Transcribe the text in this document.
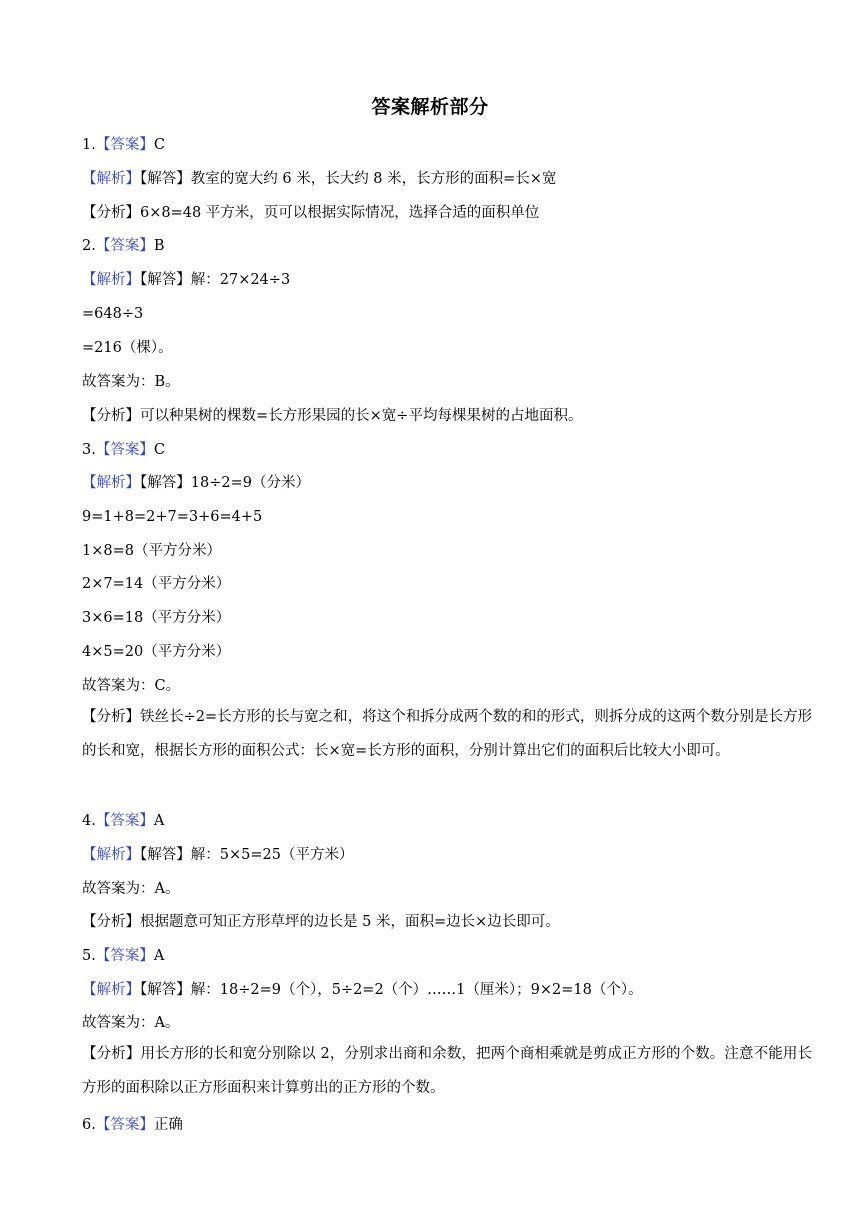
答案解析部分
1.【答案】C
【解析】【解答】教室的宽大约 6 米，长大约 8 米，长方形的面积=长×宽
【分析】6×8=48 平方米，页可以根据实际情况，选择合适的面积单位
2.【答案】B
【解析】【解答】解：27×24÷3
=648÷3
=216（棵）。
故答案为：B。
【分析】可以种果树的棵数=长方形果园的长×宽÷平均每棵果树的占地面积。
3.【答案】C
【解析】【解答】18÷2=9（分米）
9=1+8=2+7=3+6=4+5
1×8=8（平方分米）
2×7=14（平方分米）
3×6=18（平方分米）
4×5=20（平方分米）
故答案为：C。
【分析】铁丝长÷2=长方形的长与宽之和，将这个和拆分成两个数的和的形式，则拆分成的这两个数分别是长方形的长和宽，根据长方形的面积公式：长×宽=长方形的面积，分别计算出它们的面积后比较大小即可。
4.【答案】A
【解析】【解答】解：5×5=25（平方米）
故答案为：A。
【分析】根据题意可知正方形草坪的边长是 5 米，面积=边长×边长即可。
5.【答案】A
【解析】【解答】解：18÷2=9（个），5÷2=2（个）……1（厘米）；9×2=18（个）。
故答案为：A。
【分析】用长方形的长和宽分别除以 2，分别求出商和余数，把两个商相乘就是剪成正方形的个数。注意不能用长方形的面积除以正方形面积来计算剪出的正方形的个数。
6.【答案】正确
